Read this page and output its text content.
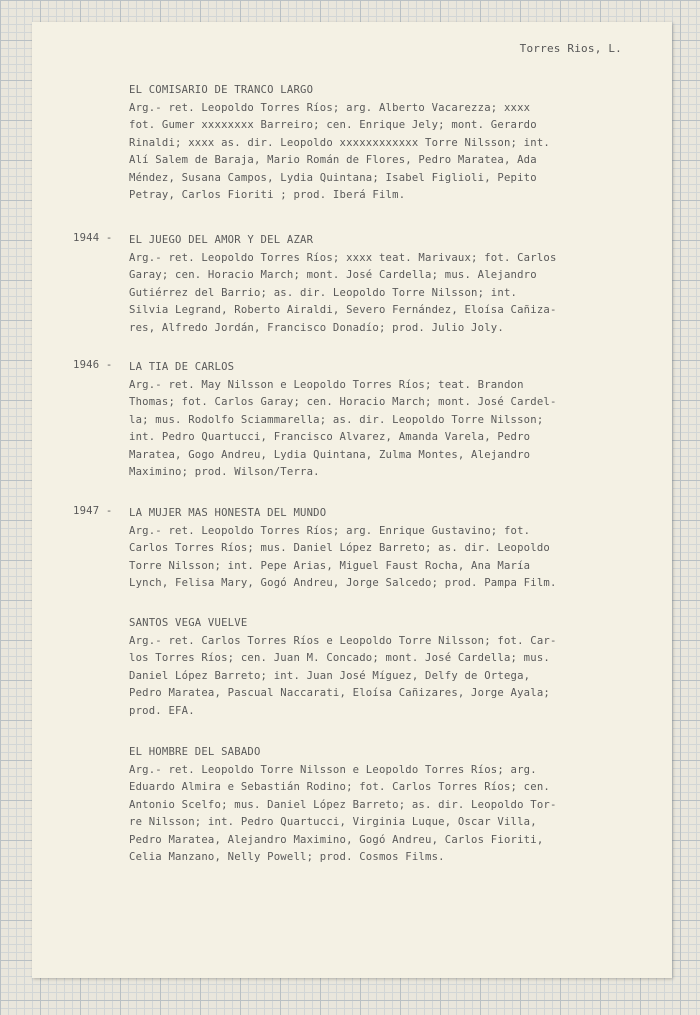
Torres Rios, L.
EL COMISARIO DE TRANCO LARGO
Arg.- ret. Leopoldo Torres Ríos; arg. Alberto Vacarezza; xxxx
fot. Gumer xxxxxxxx Barreiro; cen. Enrique Jely; mont. Gerardo
Rinaldi; xxxx as. dir. Leopoldo xxxxxxxxxxxx Torre Nilsson; int.
Alí Salem de Baraja, Mario Román de Flores, Pedro Maratea, Ada
Méndez, Susana Campos, Lydia Quintana; Isabel Figlioli, Pepito
Petray, Carlos Fioriti ; prod. Iberá Film.
1944 -	EL JUEGO DEL AMOR Y DEL AZAR
Arg.- ret. Leopoldo Torres Ríos; xxxx teat. Marivaux; fot. Carlos
Garay; cen. Horacio March; mont. José Cardella; mus. Alejandro
Gutiérrez del Barrio; as. dir. Leopoldo Torre Nilsson; int.
Silvia Legrand, Roberto Airaldi, Severo Fernández, Eloísa Cañiza-
res, Alfredo Jordán, Francisco Donadío; prod. Julio Joly.
1946 -	LA TIA DE CARLOS
Arg.- ret. May Nilsson e Leopoldo Torres Ríos; teat. Brandon
Thomas; fot. Carlos Garay; cen. Horacio March; mont. José Cardel-
la; mus. Rodolfo Sciammarella; as. dir. Leopoldo Torre Nilsson;
int. Pedro Quartucci, Francisco Alvarez, Amanda Varela, Pedro
Maratea, Gogo Andreu, Lydia Quintana, Zulma Montes, Alejandro
Maximino; prod. Wilson/Terra.
1947 -	LA MUJER MAS HONESTA DEL MUNDO
Arg.- ret. Leopoldo Torres Ríos; arg. Enrique Gustavino; fot.
Carlos Torres Ríos; mus. Daniel López Barreto; as. dir. Leopoldo
Torre Nilsson; int. Pepe Arias, Miguel Faust Rocha, Ana María
Lynch, Felisa Mary, Gogó Andreu, Jorge Salcedo; prod. Pampa Film.
SANTOS VEGA VUELVE
Arg.- ret. Carlos Torres Ríos e Leopoldo Torre Nilsson; fot. Car-
los Torres Ríos; cen. Juan M. Concado; mont. José Cardella; mus.
Daniel López Barreto; int. Juan José Míguez, Delfy de Ortega,
Pedro Maratea, Pascual Naccarati, Eloísa Cañizares, Jorge Ayala;
prod. EFA.
EL HOMBRE DEL SABADO
Arg.- ret. Leopoldo Torre Nilsson e Leopoldo Torres Ríos; arg.
Eduardo Almira e Sebastián Rodino; fot. Carlos Torres Ríos; cen.
Antonio Scelfo; mus. Daniel López Barreto; as. dir. Leopoldo Tor-
re Nilsson; int. Pedro Quartucci, Virginia Luque, Oscar Villa,
Pedro Maratea, Alejandro Maximino, Gogó Andreu, Carlos Fioriti,
Celia Manzano, Nelly Powell; prod. Cosmos Films.
